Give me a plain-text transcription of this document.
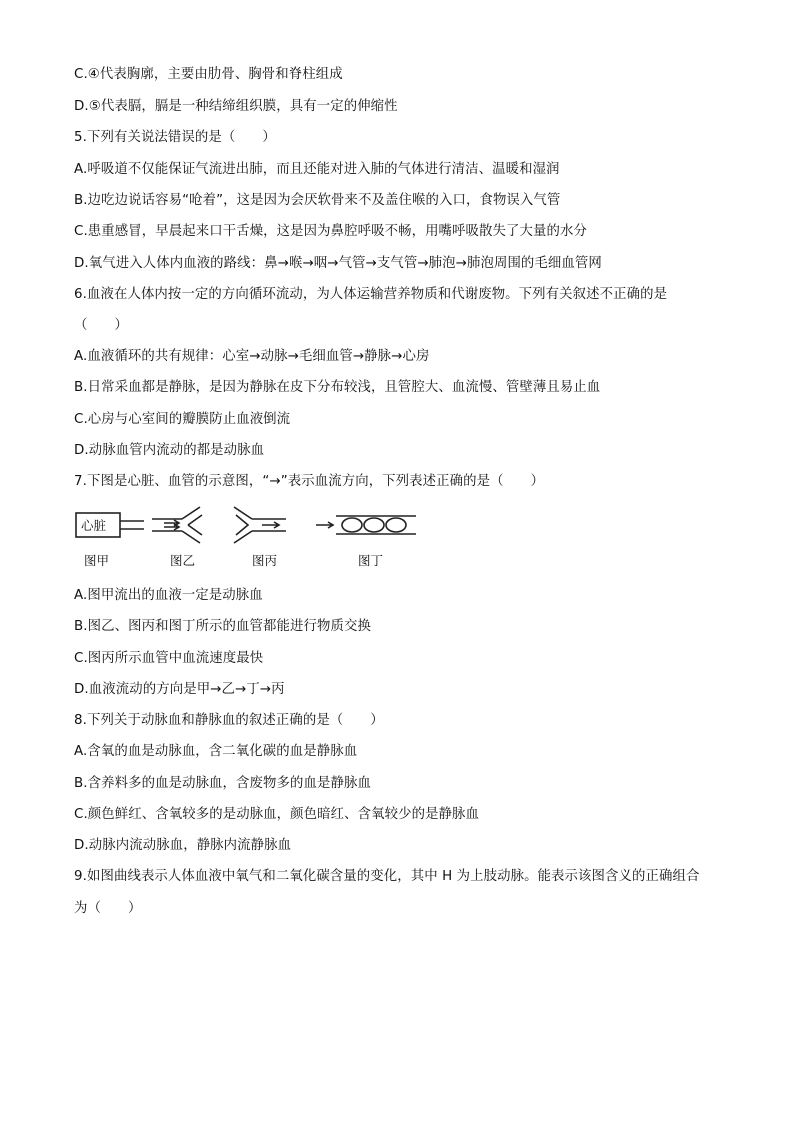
C.④代表胸廓，主要由肋骨、胸骨和脊柱组成
D.⑤代表膈，膈是一种结缔组织膜，具有一定的伸缩性
5.下列有关说法错误的是（　　）
A.呼吸道不仅能保证气流进出肺，而且还能对进入肺的气体进行清洁、温暖和湿润
B.边吃边说话容易“呛着”，这是因为会厌软骨来不及盖住喉的入口，食物误入气管
C.患重感冒，早晨起来口干舌燥，这是因为鼻腔呼吸不畅，用嘴呼吸散失了大量的水分
D.氧气进入人体内血液的路线：鼻→喉→咽→气管→支气管→肺泡→肺泡周围的毛细血管网
6.血液在人体内按一定的方向循环流动，为人体运输营养物质和代谢废物。下列有关叙述不正确的是
（　　）
A.血液循环的共有规律：心室→动脉→毛细血管→静脉→心房
B.日常采血都是静脉，是因为静脉在皮下分布较浅，且管腔大、血流慢、管壁薄且易止血
C.心房与心室间的瓣膜防止血液倒流
D.动脉血管内流动的都是动脉血
7.下图是心脏、血管的示意图，“→”表示血流方向，下列表述正确的是（　　）
心脏
图甲	图乙	图丙	图丁
A.图甲流出的血液一定是动脉血
B.图乙、图丙和图丁所示的血管都能进行物质交换
C.图丙所示血管中血流速度最快
D.血液流动的方向是甲→乙→丁→丙
8.下列关于动脉血和静脉血的叙述正确的是（　　）
A.含氧的血是动脉血，含二氧化碳的血是静脉血
B.含养料多的血是动脉血，含废物多的血是静脉血
C.颜色鲜红、含氧较多的是动脉血，颜色暗红、含氧较少的是静脉血
D.动脉内流动脉血，静脉内流静脉血
9.如图曲线表示人体血液中氧气和二氧化碳含量的变化，其中 H 为上肢动脉。能表示该图含义的正确组合
为（　　）
